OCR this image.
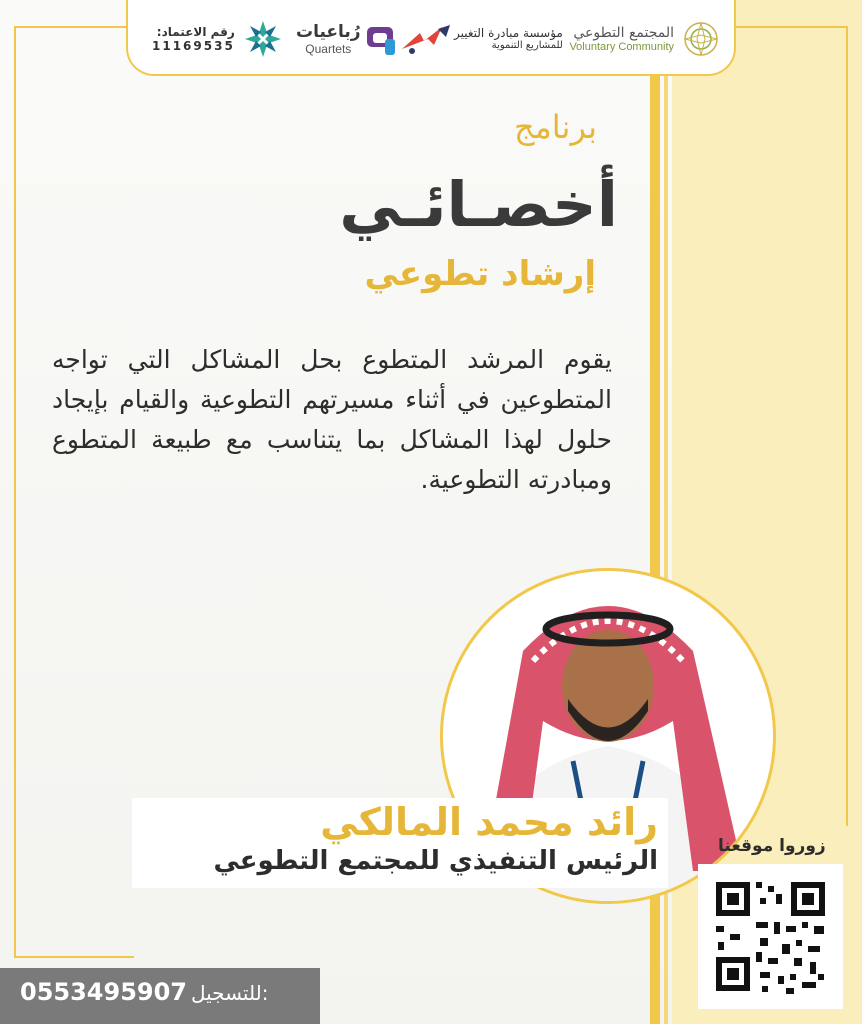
المجتمع التطوعي
Voluntary Community
مؤسسة مبادرة التغيير
للمشاريع التنموية
رُباعيات
Quartets
رقم الاعتماد:
11169535
برنامج
أخصـائـي
إرشاد تطوعي
يقوم المرشد المتطوع بحل المشاكل التي تواجه المتطوعين في أثناء مسيرتهم التطوعية والقيام بإيجاد حلول لهذا المشاكل بما يتناسب مع طبيعة المتطوع ومبادرته التطوعية.
رائد محمد المالكي
الرئيس التنفيذي للمجتمع التطوعي	زوروا موقعنا
0553495907 للتسجيل:
